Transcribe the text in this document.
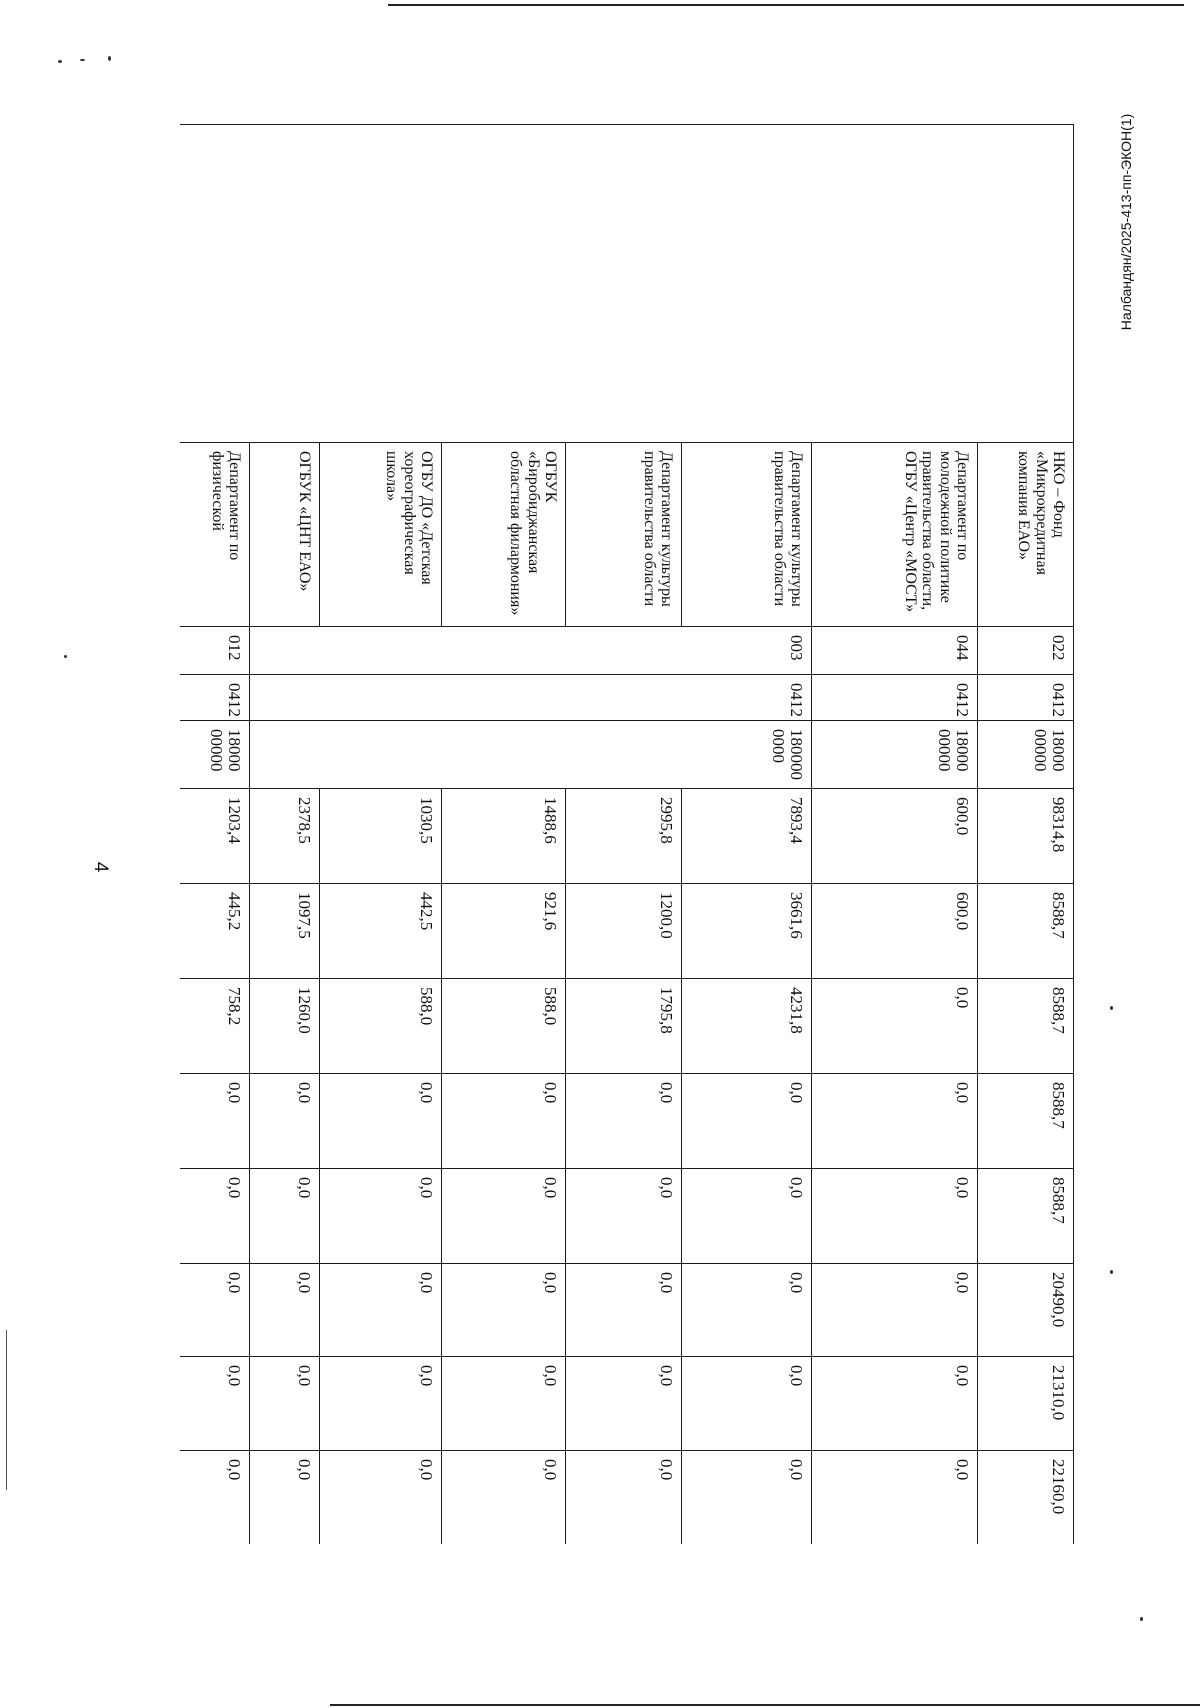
4
Налбандян/2025-413-пп-ЭКОН(1)
	НКО – Фонд «Микрокредитная компания ЕАО»	022	0412	18000 00000	98314,8	8588,7	8588,7	8588,7	8588,7	20490,0	21310,0	22160,0
	Департамент по молодежной политике правительства области, ОГБУ «Центр «МОСТ»	044	0412	18000 00000	600,0	600,0	0,0	0,0	0,0	0,0	0,0	0,0
	Департамент культуры правительства области	003	0412	180000 0000	7893,4	3661,6	4231,8	0,0	0,0	0,0	0,0	0,0
	Департамент культуры правительства области				2995,8	1200,0	1795,8	0,0	0,0	0,0	0,0	0,0
	ОГБУК «Биробиджанская областная филармония»				1488,6	921,6	588,0	0,0	0,0	0,0	0,0	0,0
	ОГБУ ДО «Детская хореографическая школа»				1030,5	442,5	588,0	0,0	0,0	0,0	0,0	0,0
	ОГБУК «ЦНТ ЕАО»				2378,5	1097,5	1260,0	0,0	0,0	0,0	0,0	0,0
	Департамент по физической	012	0412	18000 00000	1203,4	445,2	758,2	0,0	0,0	0,0	0,0	0,0
